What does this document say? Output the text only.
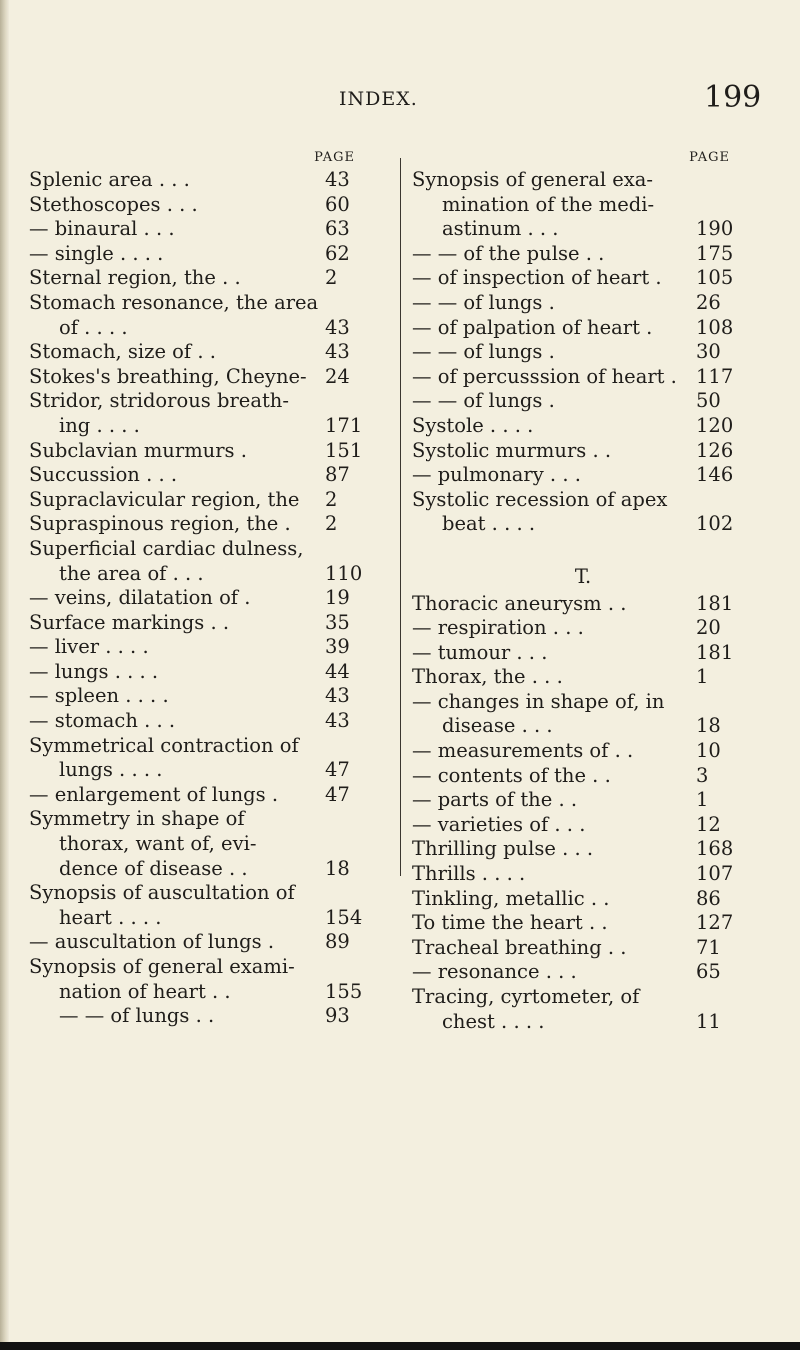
INDEX.	199
PAGE
Splenic area . . .	43
Stethoscopes . . .	60
— binaural . . .	63
— single . . . .	62
Sternal region, the . .	2
Stomach resonance, the area
of . . . .	43
Stomach, size of . .	43
Stokes's breathing, Cheyne- 24
Stridor, stridorous breath-
ing . . . .	171
Subclavian murmurs .	151
Succussion . . .	87
Supraclavicular region, the 2
Supraspinous region, the . 2
Superficial cardiac dulness,
the area of . . .	110
— veins, dilatation of .	19
Surface markings . .	35
— liver . . . .	39
— lungs . . . .	44
— spleen . . . .	43
— stomach . . .	43
Symmetrical contraction of
lungs . . . .	47
— enlargement of lungs . 47
Symmetry in shape of
thorax, want of, evi-
dence of disease . .	18
Synopsis of auscultation of
heart . . . .	154
— auscultation of lungs .	89
Synopsis of general exami-
nation of heart . .	155
— — of lungs . .	93
PAGE
Synopsis of general exa-
mination of the medi-
astinum . . .	190
— — of the pulse . .	175
— of inspection of heart . 105
— — of lungs .	26
— of palpation of heart . 108
— — of lungs .	30
— of percusssion of heart . 117
— — of lungs .	50
Systole . . . .	120
Systolic murmurs . .	126
— pulmonary . . .	146
Systolic recession of apex
beat . . . .	102
T.
Thoracic aneurysm . .	181
— respiration . . .	20
— tumour . . .	181
Thorax, the . . .	1
— changes in shape of, in
disease . . .	18
— measurements of . .	10
— contents of the . .	3
— parts of the . .	1
— varieties of . . .	12
Thrilling pulse . . .	168
Thrills . . . .	107
Tinkling, metallic . .	86
To time the heart . .	127
Tracheal breathing . .	71
— resonance . . .	65
Tracing, cyrtometer, of
chest . . . .	11
